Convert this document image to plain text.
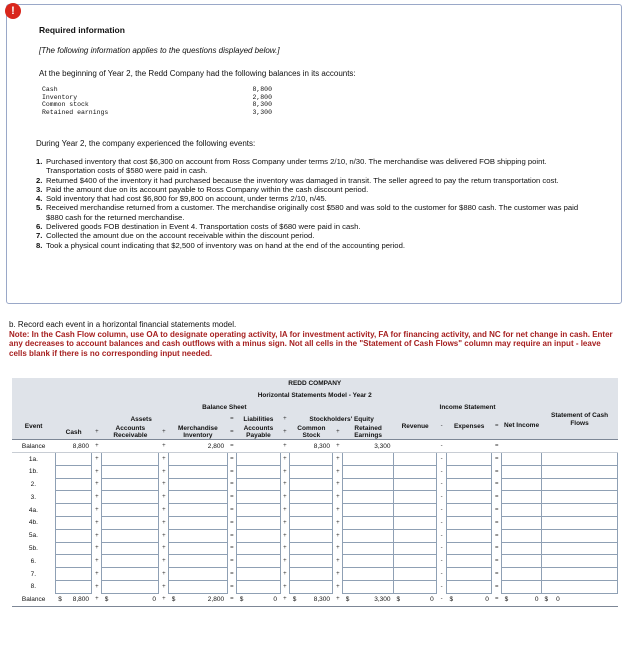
!
Required information
[The following information applies to the questions displayed below.]
At the beginning of Year 2, the Redd Company had the following balances in its accounts:
Cash	8,800
Inventory	2,800
Common stock	8,300
Retained earnings	3,300
During Year 2, the company experienced the following events:
1. Purchased inventory that cost $6,300 on account from Ross Company under terms 2/10, n/30. The merchandise was delivered FOB shipping point. Transportation costs of $580 were paid in cash.
2. Returned $400 of the inventory it had purchased because the inventory was damaged in transit. The seller agreed to pay the return transportation cost.
3. Paid the amount due on its account payable to Ross Company within the cash discount period.
4. Sold inventory that had cost $6,800 for $9,800 on account, under terms 2/10, n/45.
5. Received merchandise returned from a customer. The merchandise originally cost $580 and was sold to the customer for $880 cash. The customer was paid $880 cash for the returned merchandise.
6. Delivered goods FOB destination in Event 4. Transportation costs of $680 were paid in cash.
7. Collected the amount due on the account receivable within the discount period.
8. Took a physical count indicating that $2,500 of inventory was on hand at the end of the accounting period.
b. Record each event in a horizontal financial statements model.
Note: In the Cash Flow column, use OA to designate operating activity, IA for investment activity, FA for financing activity, and NC for net change in cash. Enter any decreases to account balances and cash outflows with a minus sign. Not all cells in the "Statement of Cash Flows" column may require an input - leave cells blank if there is no corresponding input needed.
REDD COMPANY																	
Horizontal Statements Model - Year 2																	
	Balance Sheet											Income Statement					Statement of Cash Flows
Event	Assets					=	Liabilities	+	Stockholders' Equity			Revenue	-	Expenses	=	Net Income	
	Cash	+	Accounts Receivable	+	Merchandise Inventory	=	Accounts Payable	+	Common Stock	+	Retained Earnings						
Balance	8,800	+		+	2,800	=		+	8,300	+	3,300		-		=		
1a.		+		+		=		+		+			-		=	

1b.		+		+		=		+		+			-		=	

2.		+		+		=		+		+			-		=	

3.		+		+		=		+		+			-		=	

4a.		+		+		=		+		+			-		=	

4b.		+		+		=		+		+			-		=	

5a.		+		+		=		+		+			-		=	

5b.		+		+		=		+		+			-		=	

6.		+		+		=		+		+			-		=	

7.		+		+		=		+		+			-		=	

8.		+		+		=		+		+			-		=	

Balance	$ 8,800	+	$ 0	+	$ 2,800	=	$ 0	+	$ 8,300	+	$ 3,300	$ 0	-	$ 0	=	$ 0	$ 0
